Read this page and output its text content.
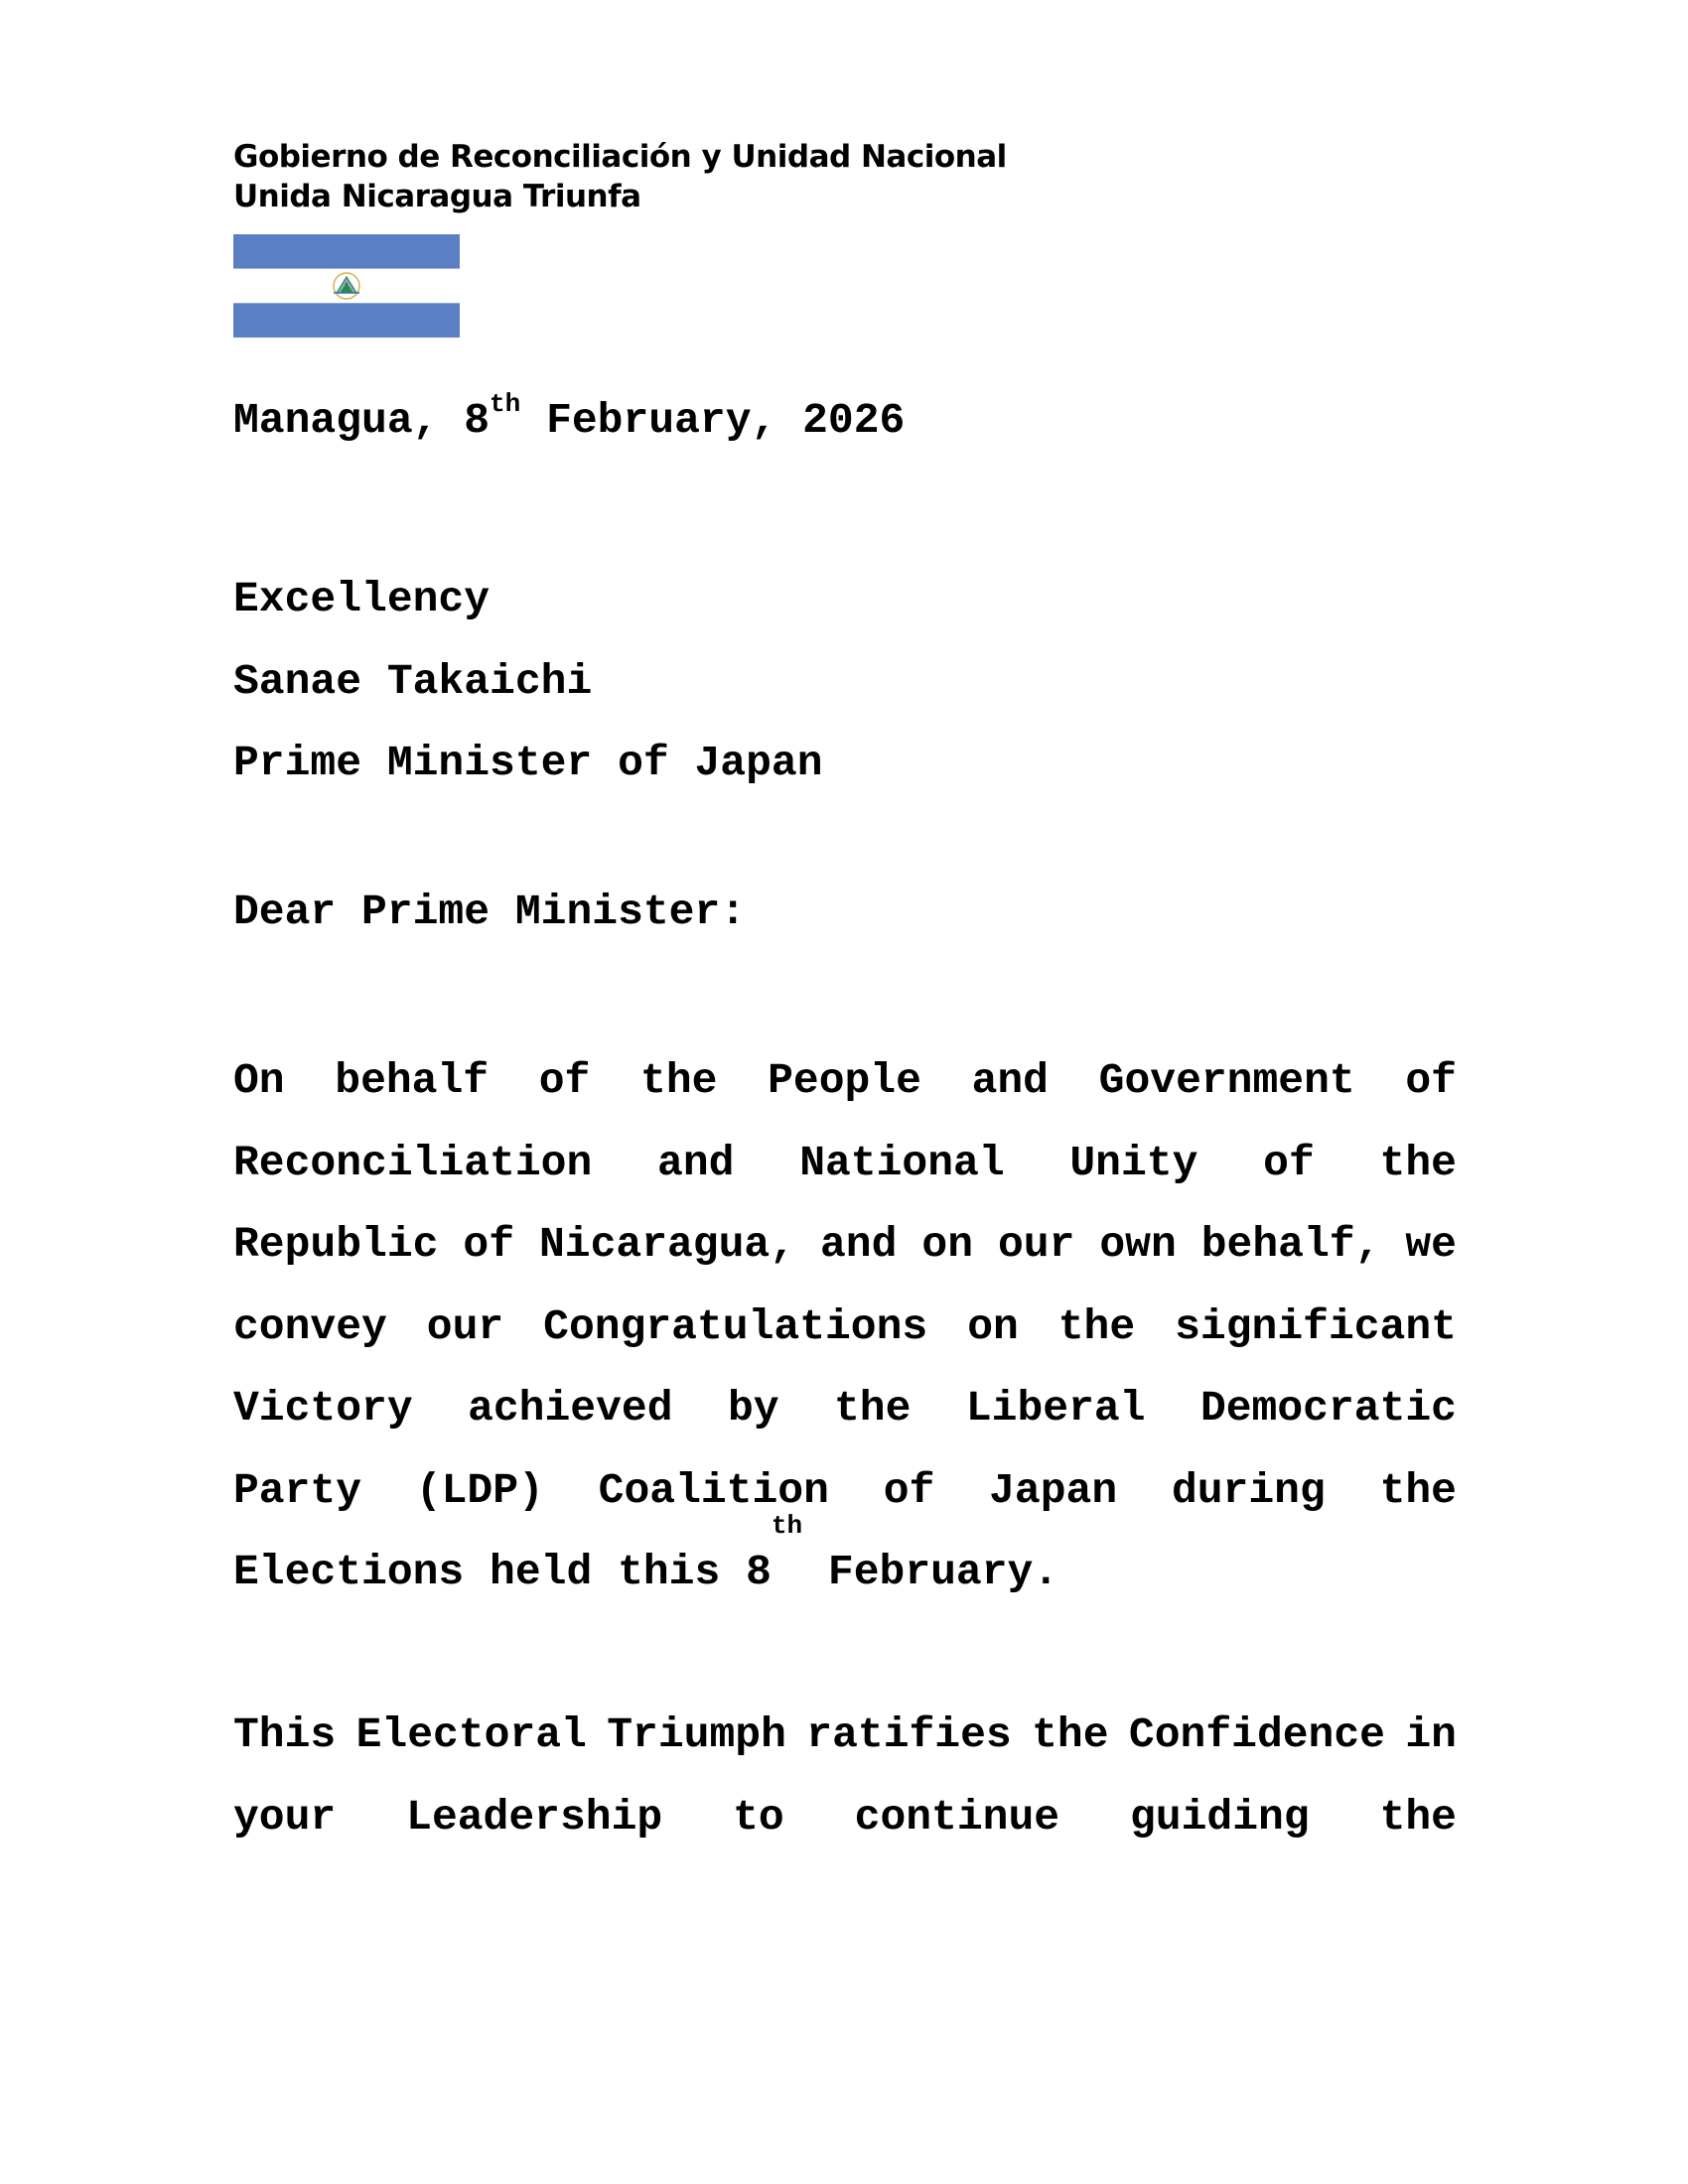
Gobierno de Reconciliación y Unidad Nacional
Unida Nicaragua Triunfa
Managua, 8th February, 2026
Excellency
Sanae Takaichi
Prime Minister of Japan
Dear Prime Minister:
On behalf of the People and Government of
Reconciliation and National Unity of the
Republic of Nicaragua, and on our own behalf, we
convey our Congratulations on the significant
Victory achieved by the Liberal Democratic
Party (LDP) Coalition of Japan during the
Elections held this 8
$^{th}$
February.
This Electoral Triumph ratifies the Confidence in
your Leadership to continue guiding the
